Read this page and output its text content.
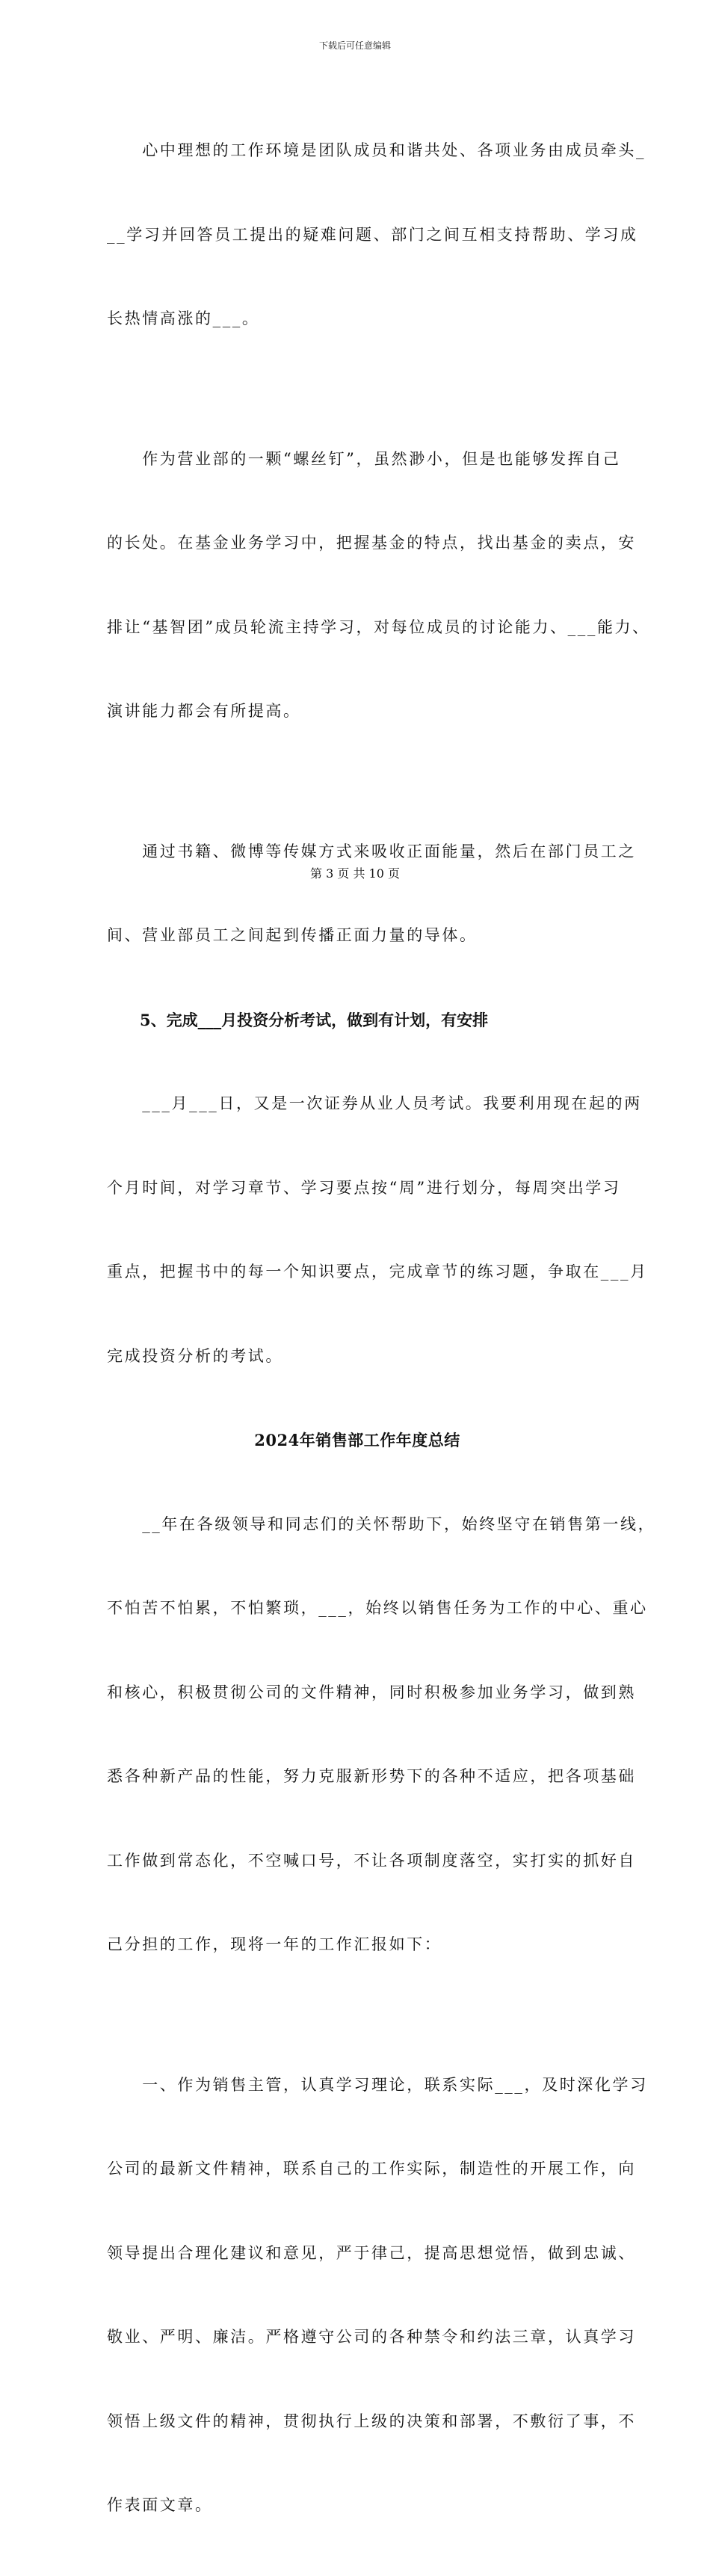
下载后可任意编辑

　　心中理想的工作环境是团队成员和谐共处、各项业务由成员牵头_

__学习并回答员工提出的疑难问题、部门之间互相支持帮助、学习成

长热情高涨的___。

　　作为营业部的一颗“螺丝钉”，虽然渺小，但是也能够发挥自己

的长处。在基金业务学习中，把握基金的特点，找出基金的卖点，安

排让“基智团”成员轮流主持学习，对每位成员的讨论能力、___能力、

演讲能力都会有所提高。

　　通过书籍、微博等传媒方式来吸收正面能量，然后在部门员工之

间、营业部员工之间起到传播正面力量的导体。

5、完成___月投资分析考试，做到有计划，有安排

　　___月___日，又是一次证券从业人员考试。我要利用现在起的两

个月时间，对学习章节、学习要点按“周”进行划分，每周突出学习

重点，把握书中的每一个知识要点，完成章节的练习题，争取在___月

完成投资分析的考试。

2024年销售部工作年度总结

　　__年在各级领导和同志们的关怀帮助下，始终坚守在销售第一线，

不怕苦不怕累，不怕繁琐，___，始终以销售任务为工作的中心、重心

和核心，积极贯彻公司的文件精神，同时积极参加业务学习，做到熟

悉各种新产品的性能，努力克服新形势下的各种不适应，把各项基础

工作做到常态化，不空喊口号，不让各项制度落空，实打实的抓好自

己分担的工作，现将一年的工作汇报如下：

　　一、作为销售主管，认真学习理论，联系实际___，及时深化学习

公司的最新文件精神，联系自己的工作实际，制造性的开展工作，向

领导提出合理化建议和意见，严于律己，提高思想觉悟，做到忠诚、

敬业、严明、廉洁。严格遵守公司的各种禁令和约法三章，认真学习

领悟上级文件的精神，贯彻执行上级的决策和部署，不敷衍了事，不

作表面文章。

第 3 页 共 10 页
